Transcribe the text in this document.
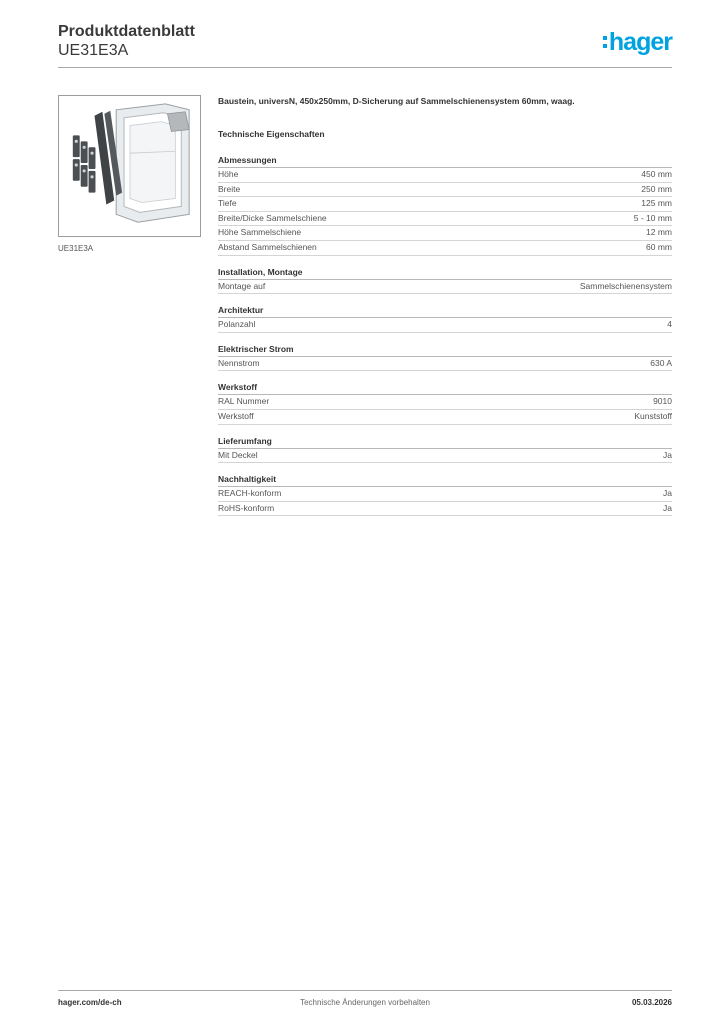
Produktdatenblatt
UE31E3A	hager
UE31E3A

Baustein, universN, 450x250mm, D-Sicherung auf Sammelschienensystem 60mm, waag.

Technische Eigenschaften
Abmessungen
Höhe	450 mm
Breite	250 mm
Tiefe	125 mm
Breite/Dicke Sammelschiene	5 - 10 mm
Höhe Sammelschiene	12 mm
Abstand Sammelschienen	60 mm
Installation, Montage
Montage auf	Sammelschienensystem
Architektur
Polanzahl	4
Elektrischer Strom
Nennstrom	630 A
Werkstoff
RAL Nummer	9010
Werkstoff	Kunststoff
Lieferumfang
Mit Deckel	Ja
Nachhaltigkeit
REACH-konform	Ja
RoHS-konform	Ja
hager.com/de-ch	Technische Änderungen vorbehalten	05.03.2026
